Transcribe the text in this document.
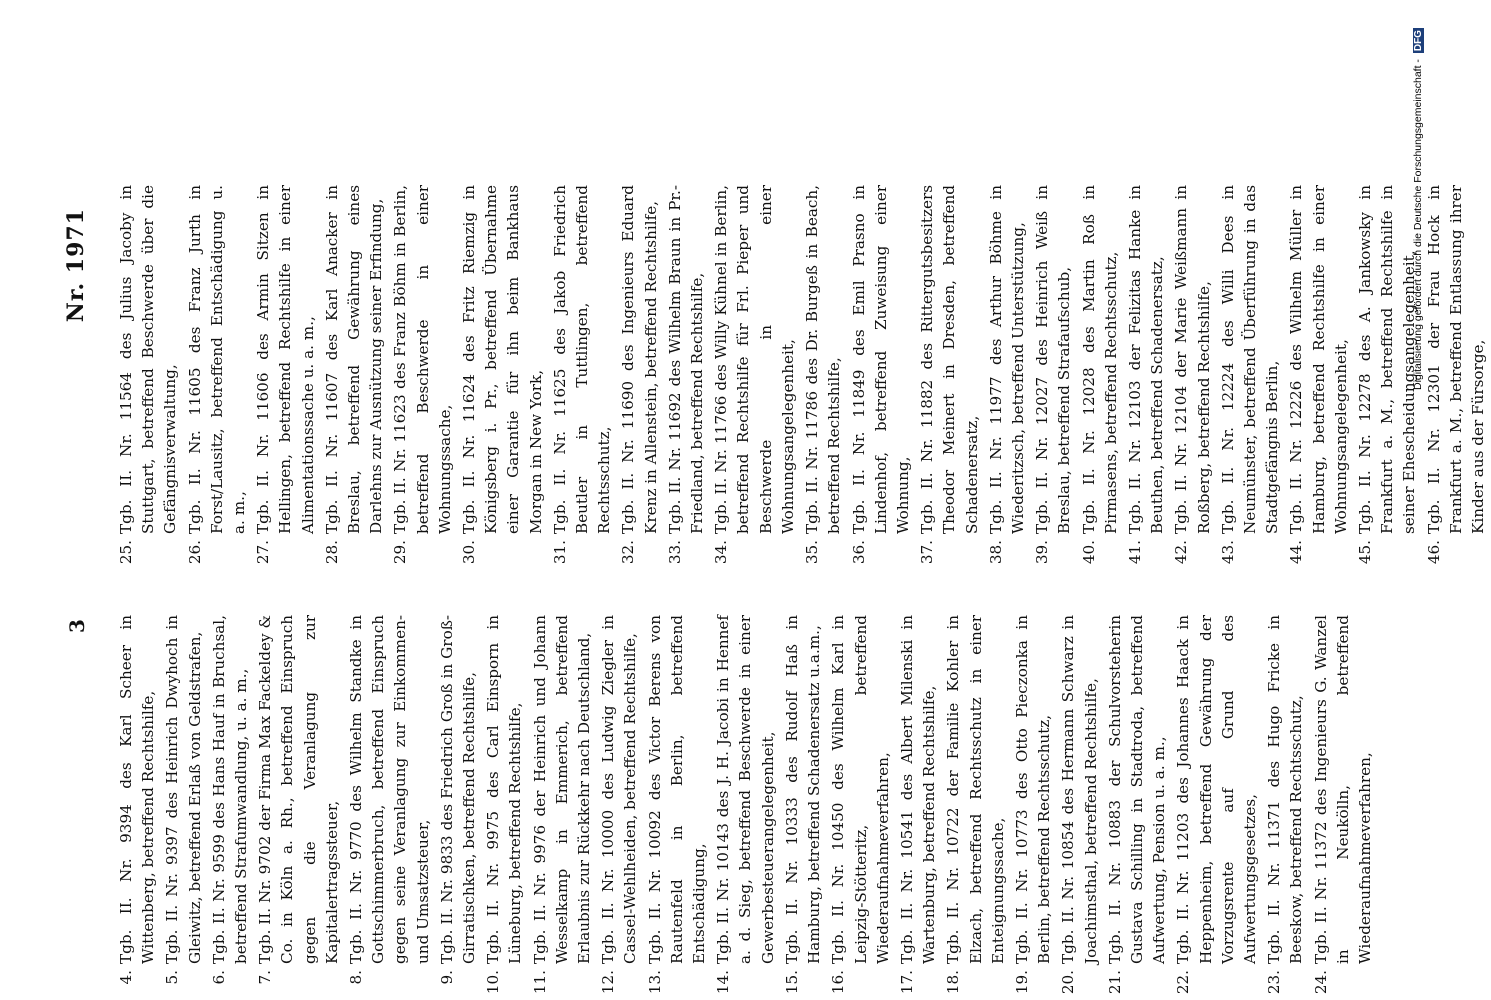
3
Nr. 1971
4.
Tgb. II. Nr. 9394 des Karl Scheer in Wittenberg, betreffend Rechtshilfe,
5.
Tgb. II. Nr. 9397 des Heinrich Dwyhoch in Gleiwitz, betreffend Erlaß von Geldstrafen,
6.
Tgb. II. Nr. 9599 des Hans Hauf in Bruchsal, betreffend Strafumwandlung, u. a. m.,
7.
Tgb. II. Nr. 9702 der Firma Max Fackeldey & Co. in Köln a. Rh., betreffend Einspruch gegen die Veranlagung zur Kapitalertragssteuer,
8.
Tgb. II. Nr. 9770 des Wilhelm Standke in Gottschimmerbruch, betreffend Einspruch gegen seine Veranlagung zur Einkommen- und Umsatzsteuer,
9.
Tgb. II. Nr. 9833 des Friedrich Groß in Groß-Girratischken, betreffend Rechtshilfe,
10.
Tgb. II. Nr. 9975 des Carl Einsporn in Lüneburg, betreffend Rechtshilfe,
11.
Tgb. II. Nr. 9976 der Heinrich und Johann Wesselkamp in Emmerich, betreffend Erlaubnis zur Rückkehr nach Deutschland,
12.
Tgb. II. Nr. 10000 des Ludwig Ziegler in Cassel-Wehlheiden, betreffend Rechtshilfe,
13.
Tgb. II. Nr. 10092 des Victor Berens von Rautenfeld in Berlin, betreffend Entschädigung,
14.
Tgb. II. Nr. 10143 des J. H. Jacobi in Hennef a. d. Sieg, betreffend Beschwerde in einer Gewerbesteuerangelegenheit,
15.
Tgb. II. Nr. 10333 des Rudolf Haß in Hamburg, betreffend Schadenersatz u.a.m.,
16.
Tgb. II. Nr. 10450 des Wilhelm Karl in Leipzig-Stötteritz, betreffend Wiederaufnahmeverfahren,
17.
Tgb. II. Nr. 10541 des Albert Milenski in Wartenburg, betreffend Rechtshilfe,
18.
Tgb. II. Nr. 10722 der Familie Kohler in Elzach, betreffend Rechtsschutz in einer Enteignungssache,
19.
Tgb. II. Nr. 10773 des Otto Pieczonka in Berlin, betreffend Rechtsschutz,
20.
Tgb. II. Nr. 10854 des Hermann Schwarz in Joachimsthal, betreffend Rechtshilfe,
21.
Tgb. II. Nr. 10883 der Schulvorsteherin Gustava Schilling in Stadtroda, betreffend Aufwertung, Pension u. a. m.,
22.
Tgb. II. Nr. 11203 des Johannes Haack in Heppenheim, betreffend Gewährung der Vorzugsrente auf Grund des Aufwertungsgesetzes,
23.
Tgb. II. Nr. 11371 des Hugo Fricke in Beeskow, betreffend Rechtsschutz,
24.
Tgb. II. Nr. 11372 des Ingenieurs G. Wanzel in Neukölln, betreffend Wiederaufnahmeverfahren,
25.
Tgb. II. Nr. 11564 des Julius Jacoby in Stuttgart, betreffend Beschwerde über die Gefängnisverwaltung,
26.
Tgb. II. Nr. 11605 des Franz Jurth in Forst/Lausitz, betreffend Entschädigung u. a. m.,
27.
Tgb. II. Nr. 11606 des Armin Sitzen in Hellingen, betreffend Rechtshilfe in einer Alimentationssache u. a. m.,
28.
Tgb. II. Nr. 11607 des Karl Anacker in Breslau, betreffend Gewährung eines Darlehns zur Ausnützung seiner Erfindung,
29.
Tgb. II. Nr. 11623 des Franz Böhm in Berlin, betreffend Beschwerde in einer Wohnungssache,
30.
Tgb. II. Nr. 11624 des Fritz Riemzig in Königsberg i. Pr., betreffend Übernahme einer Garantie für ihn beim Bankhaus Morgan in New York,
31.
Tgb. II. Nr. 11625 des Jakob Friedrich Beutler in Tuttlingen, betreffend Rechtsschutz,
32.
Tgb. II. Nr. 11690 des Ingenieurs Eduard Krenz in Allenstein, betreffend Rechtshilfe,
33.
Tgb. II. Nr. 11692 des Wilhelm Braun in Pr.-Friedland, betreffend Rechtshilfe,
34.
Tgb. II. Nr. 11766 des Willy Kühnel in Berlin, betreffend Rechtshilfe für Frl. Pieper und Beschwerde in einer Wohnungsangelegenheit,
35.
Tgb. II. Nr. 11786 des Dr. Burgeß in Beach, betreffend Rechtshilfe,
36.
Tgb. II. Nr. 11849 des Emil Prasno in Lindenhof, betreffend Zuweisung einer Wohnung,
37.
Tgb. II. Nr. 11882 des Rittergutsbesitzers Theodor Meinert in Dresden, betreffend Schadenersatz,
38.
Tgb. II. Nr. 11977 des Arthur Böhme in Wiederitzsch, betreffend Unterstützung,
39.
Tgb. II. Nr. 12027 des Heinrich Weiß in Breslau, betreffend Strafaufschub,
40.
Tgb. II. Nr. 12028 des Martin Roß in Pirmasens, betreffend Rechtsschutz,
41.
Tgb. II. Nr. 12103 der Felizitas Hanke in Beuthen, betreffend Schadenersatz,
42.
Tgb. II. Nr. 12104 der Marie Weißmann in Roßberg, betreffend Rechtshilfe,
43.
Tgb. II. Nr. 12224 des Willi Dees in Neumünster, betreffend Überführung in das Stadtgefängnis Berlin,
44.
Tgb. II. Nr. 12226 des Wilhelm Müller in Hamburg, betreffend Rechtshilfe in einer Wohnungsangelegenheit,
45.
Tgb. II. Nr. 12278 des A. Jankowsky in Frankfurt a. M., betreffend Rechtshilfe in seiner Ehescheidungsangelegenheit,
46.
Tgb. II. Nr. 12301 der Frau Hock in Frankfurt a. M., betreffend Entlassung ihrer Kinder aus der Fürsorge,
Digitalisierung gefördert durch die Deutsche Forschungsgemeinschaft - DFG
